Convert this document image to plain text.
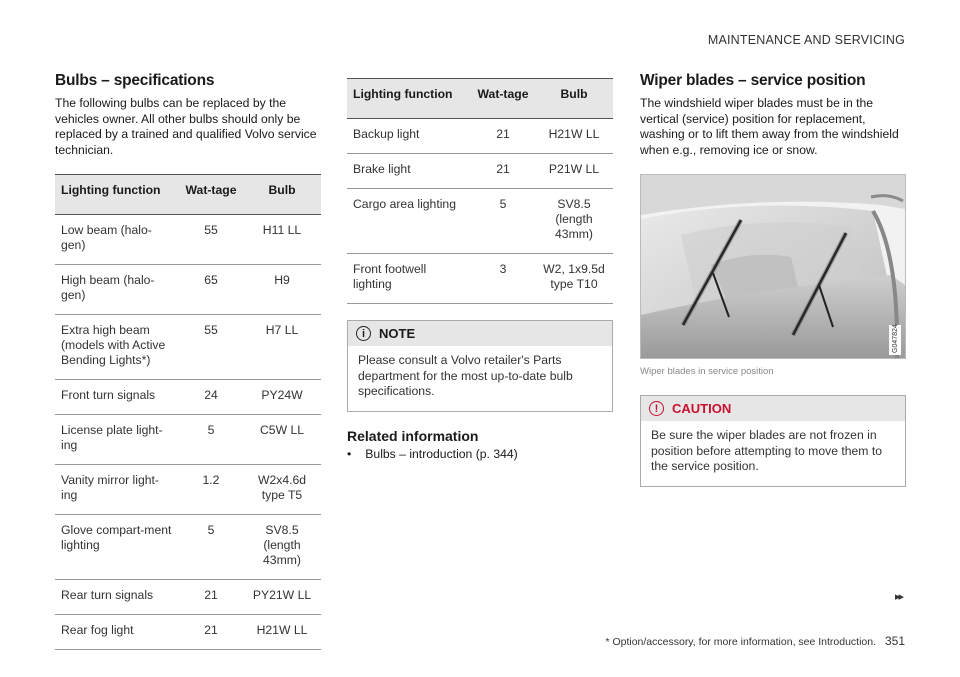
MAINTENANCE AND SERVICING
Bulbs – specifications

The following bulbs can be replaced by the vehicles owner. All other bulbs should only be replaced by a trained and qualified Volvo service technician.

Lighting function	Wat-tage	Bulb
Low beam (halo-gen)	55	H11 LL
High beam (halo-gen)	65	H9
Extra high beam (models with Active Bending Lights*)	55	H7 LL
Front turn signals	24	PY24W
License plate light-ing	5	C5W LL
Vanity mirror light-ing	1.2	W2x4.6d type T5
Glove compart-ment lighting	5	SV8.5 (length 43mm)
Rear turn signals	21	PY21W LL
Rear fog light	21	H21W LL
Lighting function	Wat-tage	Bulb
Backup light	21	H21W LL
Brake light	21	P21W LL
Cargo area lighting	5	SV8.5 (length 43mm)
Front footwell lighting	3	W2, 1x9.5d type T10
i	NOTE
Please consult a Volvo retailer's Parts department for the most up-to-date bulb specifications.
Related information
• Bulbs – introduction (p. 344)
Wiper blades – service position

The windshield wiper blades must be in the vertical (service) position for replacement, washing or to lift them away from the windshield when e.g., removing ice or snow.

G047824
Wiper blades in service position
!	CAUTION
Be sure the wiper blades are not frozen in position before attempting to move them to the service position.
▸▸
* Option/accessory, for more information, see Introduction. 351
